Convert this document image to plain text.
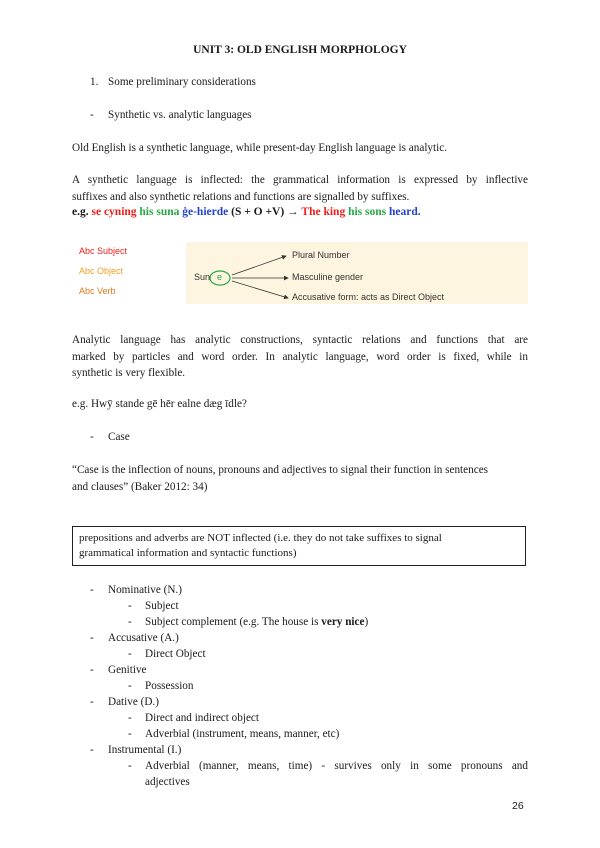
UNIT 3: OLD ENGLISH MORPHOLOGY
1. Some preliminary considerations
- Synthetic vs. analytic languages
Old English is a synthetic language, while present-day English language is analytic.
A synthetic language is inflected: the grammatical information is expressed by inflective
suffixes and also synthetic relations and functions are signalled by suffixes.
e.g. se cyning his suna ġe-hierde (S + O +V) → The king his sons heard.
Abc Subject
Abc Object
Abc Verb
Sun e
Plural Number
Masculine gender
Accusative form: acts as Direct Object
Analytic language has analytic constructions, syntactic relations and functions that are
marked by particles and word order. In analytic language, word order is fixed, while in
synthetic is very flexible.
e.g. Hwȳ stande gē hēr ealne dæg īdle?
- Case
“Case is the inflection of nouns, pronouns and adjectives to signal their function in sentences
and clauses” (Baker 2012: 34)
prepositions and adverbs are NOT inflected (i.e. they do not take suffixes to signal
grammatical information and syntactic functions)
- Nominative (N.)
- Subject
- Subject complement (e.g. The house is very nice)
- Accusative (A.)
- Direct Object
- Genitive
- Possession
- Dative (D.)
- Direct and indirect object
- Adverbial (instrument, means, manner, etc)
- Instrumental (I.)
- Adverbial (manner, means, time) - survives only in some pronouns and
adjectives
26
